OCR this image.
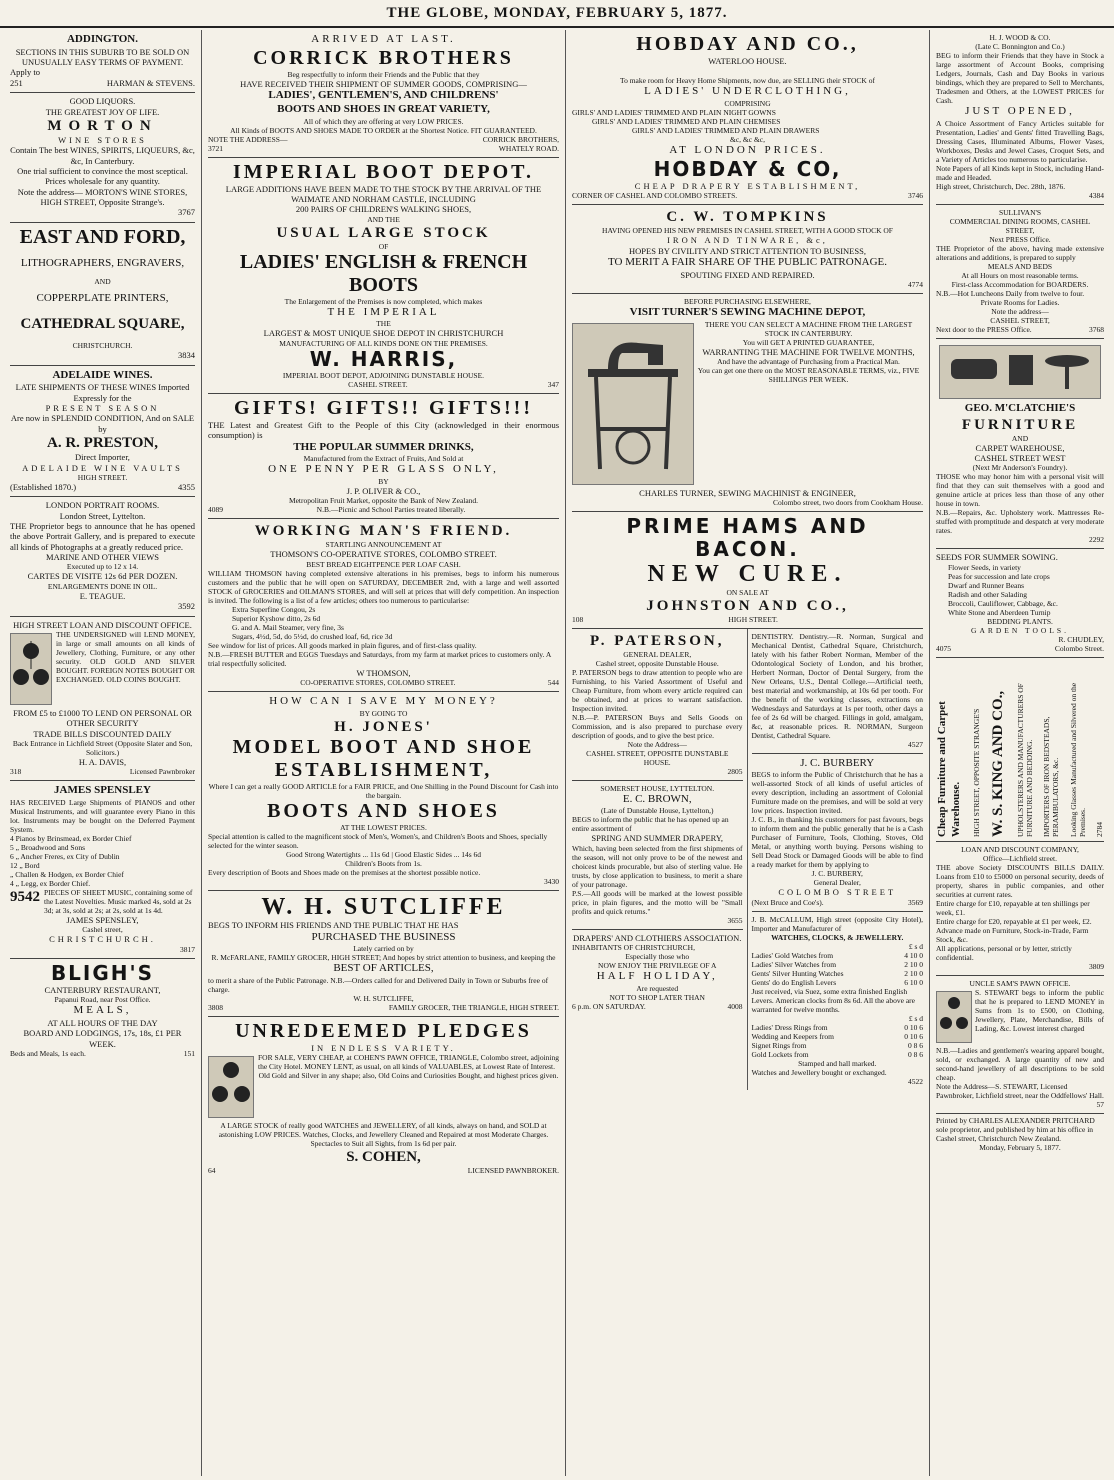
THE GLOBE, MONDAY, FEBRUARY 5, 1877.
ADDINGTON.
SECTIONS IN THIS SUBURB TO BE SOLD ON UNUSUALLY EASY TERMS OF PAYMENT.
Apply to
251	HARMAN & STEVENS.
GOOD LIQUORS.
THE GREATEST JOY OF LIFE.
MORTON
WINE STORES
Contain The best WINES, SPIRITS, LIQUEURS, &c, &c, In Canterbury.
One trial sufficient to convince the most sceptical. Prices wholesale for any quantity.
Note the address— MORTON'S WINE STORES, HIGH STREET, Opposite Strange's.
3767
EAST AND FORD,
LITHOGRAPHERS, ENGRAVERS,
AND
COPPERPLATE PRINTERS,
CATHEDRAL SQUARE,
CHRISTCHURCH.
3834
ADELAIDE WINES.
LATE SHIPMENTS OF THESE WINES Imported Expressly for the
PRESENT SEASON
Are now in SPLENDID CONDITION, And on SALE by
A. R. PRESTON,
Direct Importer,
ADELAIDE WINE VAULTS
HIGH STREET.
(Established 1870.)	4355
LONDON PORTRAIT ROOMS.
London Street, Lyttelton.
THE Proprietor begs to announce that he has opened the above Portrait Gallery, and is prepared to execute all kinds of Photographs at a greatly reduced price.
MARINE AND OTHER VIEWS
Executed up to 12 x 14.
CARTES DE VISITE 12s 6d PER DOZEN.
ENLARGEMENTS DONE IN OIL.
E. TEAGUE.
3592
HIGH STREET LOAN AND DISCOUNT OFFICE.
THE UNDERSIGNED will LEND MONEY, in large or small amounts on all kinds of Jewellery, Clothing, Furniture, or any other security. OLD GOLD AND SILVER BOUGHT. FOREIGN NOTES BOUGHT OR EXCHANGED. OLD COINS BOUGHT.
FROM £5 to £1000 TO LEND ON PERSONAL OR OTHER SECURITY
TRADE BILLS DISCOUNTED DAILY
Back Entrance in Lichfield Street (Opposite Slater and Son, Solicitors.)
H. A. DAVIS,
318	Licensed Pawnbroker
JAMES SPENSLEY
HAS RECEIVED Large Shipments of PIANOS and other Musical Instruments, and will guarantee every Piano in this lot. Instruments may be bought on the Deferred Payment System.
4 Pianos by Brinsmead, ex Border Chief
5 „ Broadwood and Sons
6 „ Ancher Freres, ex City of Dublin
12 „ Bord
„ Challen & Hodgen, ex Border Chief
4 „ Legg, ex Border Chief.
9542 PIECES OF SHEET MUSIC, containing some of the Latest Novelties. Music marked 4s, sold at 2s 3d; at 3s, sold at 2s; at 2s, sold at 1s 4d.
JAMES SPENSLEY,
Cashel street,
CHRISTCHURCH.
3817
BLIGH'S
CANTERBURY RESTAURANT,
Papanui Road, near Post Office.
MEALS,
AT ALL HOURS OF THE DAY
BOARD AND LODGINGS, 17s, 18s, £1 PER WEEK.
Beds and Meals, 1s each.	151
ARRIVED AT LAST.
CORRICK BROTHERS
Beg respectfully to inform their Friends and the Public that they
HAVE RECEIVED THEIR SHIPMENT OF SUMMER GOODS, COMPRISING—
LADIES', GENTLEMEN'S, AND CHILDRENS'
BOOTS AND SHOES IN GREAT VARIETY,
All of which they are offering at very LOW PRICES.
All Kinds of BOOTS AND SHOES MADE TO ORDER at the Shortest Notice. FIT GUARANTEED.
NOTE THE ADDRESS—	CORRICK BROTHERS,
3721	WHATELY ROAD.
IMPERIAL BOOT DEPOT.
LARGE ADDITIONS HAVE BEEN MADE TO THE STOCK BY THE ARRIVAL OF THE WAIMATE AND NORHAM CASTLE, INCLUDING
200 PAIRS OF CHILDREN'S WALKING SHOES,
AND THE
USUAL LARGE STOCK
OF
LADIES' ENGLISH & FRENCH BOOTS
The Enlargement of the Premises is now completed, which makes
THE IMPERIAL
THE
LARGEST & MOST UNIQUE SHOE DEPOT IN CHRISTCHURCH
MANUFACTURING OF ALL KINDS DONE ON THE PREMISES.
W. HARRIS,
IMPERIAL BOOT DEPOT, ADJOINING DUNSTABLE HOUSE.
CASHEL STREET.	347
GIFTS! GIFTS!! GIFTS!!!
THE Latest and Greatest Gift to the People of this City (acknowledged in their enormous consumption) is
THE POPULAR SUMMER DRINKS,
Manufactured from the Extract of Fruits, And Sold at
ONE PENNY PER GLASS ONLY,
BY
J. P. OLIVER & CO.,
Metropolitan Fruit Market, opposite the Bank of New Zealand.
4089	N.B.—Picnic and School Parties treated liberally.
WORKING MAN'S FRIEND.
STARTLING ANNOUNCEMENT AT
THOMSON'S CO-OPERATIVE STORES, COLOMBO STREET.
BEST BREAD EIGHTPENCE PER LOAF CASH.
WILLIAM THOMSON having completed extensive alterations in his premises, begs to inform his numerous customers and the public that he will open on SATURDAY, DECEMBER 2nd, with a large and well assorted STOCK of GROCERIES and OILMAN'S STORES, and will sell at prices that will defy competition. An inspection is invited. The following is a list of a few articles; others too numerous to particularise:
Extra Superfine Congou, 2s
Superior Kyshow ditto, 2s 6d
G. and A. Mail Steamer, very fine, 3s
Sugars, 4½d, 5d, do 5½d, do crushed loaf, 6d, rice 3d
See window for list of prices. All goods marked in plain figures, and of first-class quality.
N.B.—FRESH BUTTER and EGGS Tuesdays and Saturdays, from my farm at market prices to customers only. A trial respectfully solicited.
W THOMSON,
CO-OPERATIVE STORES, COLOMBO STREET.	544
HOW CAN I SAVE MY MONEY?
BY GOING TO
H. JONES'
MODEL BOOT AND SHOE ESTABLISHMENT,
Where I can get a really GOOD ARTICLE for a FAIR PRICE, and One Shilling in the Pound Discount for Cash into the bargain.
BOOTS AND SHOES
AT THE LOWEST PRICES.
Special attention is called to the magnificent stock of Men's, Women's, and Children's Boots and Shoes, specially selected for the winter season.
Good Strong Watertights ... 11s 6d | Good Elastic Sides ... 14s 6d
Children's Boots from 1s.
Every description of Boots and Shoes made on the premises at the shortest possible notice.
3430
W. H. SUTCLIFFE
BEGS TO INFORM HIS FRIENDS AND THE PUBLIC THAT HE HAS
PURCHASED THE BUSINESS
Lately carried on by
R. McFARLANE, FAMILY GROCER, HIGH STREET; And hopes by strict attention to business, and keeping the
BEST OF ARTICLES,
to merit a share of the Public Patronage. N.B.—Orders called for and Delivered Daily in Town or Suburbs free of charge.
W. H. SUTCLIFFE,
3808	FAMILY GROCER, THE TRIANGLE, HIGH STREET.
UNREDEEMED PLEDGES
IN ENDLESS VARIETY.
FOR SALE, VERY CHEAP, at COHEN'S PAWN OFFICE, TRIANGLE, Colombo street, adjoining the City Hotel. MONEY LENT, as usual, on all kinds of VALUABLES, at Lowest Rate of Interest.
Old Gold and Silver in any shape; also, Old Coins and Curiosities Bought, and highest prices given.
A LARGE STOCK of really good WATCHES and JEWELLERY, of all kinds, always on hand, and SOLD at astonishing LOW PRICES. Watches, Clocks, and Jewellery Cleaned and Repaired at most Moderate Charges. Spectacles to Suit all Sights, from 1s 6d per pair.
S. COHEN,
64	LICENSED PAWNBROKER.
HOBDAY AND CO.,
WATERLOO HOUSE.
To make room for Heavy Home Shipments, now due, are SELLING their STOCK of
LADIES' UNDERCLOTHING,
COMPRISING
GIRLS' AND LADIES' TRIMMED AND PLAIN NIGHT GOWNS
GIRLS' AND LADIES' TRIMMED AND PLAIN CHEMISES
GIRLS' AND LADIES' TRIMMED AND PLAIN DRAWERS
&c, &c &c,
AT LONDON PRICES.
HOBDAY & CO,
CHEAP DRAPERY ESTABLISHMENT,
CORNER OF CASHEL AND COLOMBO STREETS.	3746
C. W. TOMPKINS
HAVING OPENED HIS NEW PREMISES IN CASHEL STREET, WITH A GOOD STOCK OF
IRON AND TINWARE, &c,
HOPES BY CIVILITY AND STRICT ATTENTION TO BUSINESS,
TO MERIT A FAIR SHARE OF THE PUBLIC PATRONAGE.
SPOUTING FIXED AND REPAIRED.
4774
BEFORE PURCHASING ELSEWHERE,
VISIT TURNER'S SEWING MACHINE DEPOT,
THERE YOU CAN SELECT A MACHINE FROM THE LARGEST STOCK IN CANTERBURY.
You will GET A PRINTED GUARANTEE,
WARRANTING THE MACHINE FOR TWELVE MONTHS,
And have the advantage of Purchasing from a Practical Man.
You can get one there on the MOST REASONABLE TERMS, viz., FIVE SHILLINGS PER WEEK.
CHARLES TURNER, SEWING MACHINIST & ENGINEER,
Colombo street, two doors from Cookham House.
PRIME HAMS AND BACON.
NEW CURE.
ON SALE AT
JOHNSTON AND CO.,
108	HIGH STREET.
P. PATERSON,
GENERAL DEALER,
Cashel street, opposite Dunstable House.
P. PATERSON begs to draw attention to people who are Furnishing, to his Varied Assortment of Useful and Cheap Furniture, from whom every article required can be obtained, and at prices to warrant satisfaction. Inspection invited.
N.B.—P. PATERSON Buys and Sells Goods on Commission, and is also prepared to purchase every description of goods, and to give the best price.
Note the Address—
CASHEL STREET, OPPOSITE DUNSTABLE HOUSE.
2805
SOMERSET HOUSE, LYTTELTON.
E. C. BROWN,
(Late of Dunstable House, Lyttelton,)
BEGS to inform the public that he has opened up an entire assortment of
SPRING AND SUMMER DRAPERY,
Which, having been selected from the first shipments of the season, will not only prove to be of the newest and choicest kinds procurable, but also of sterling value. He trusts, by close application to business, to merit a share of your patronage.
P.S.—All goods will be marked at the lowest possible price, in plain figures, and the motto will be "Small profits and quick returns."
3655
DRAPERS' AND CLOTHIERS ASSOCIATION.
INHABITANTS OF CHRISTCHURCH,
Especially those who
NOW ENJOY THE PRIVILEGE OF A
HALF HOLIDAY,
Are requested
NOT TO SHOP LATER THAN
6 p.m. ON SATURDAY.	4008
DENTISTRY. Dentistry.—R. Norman, Surgical and Mechanical Dentist, Cathedral Square, Christchurch, lately with his father Robert Norman, Member of the Odontological Society of London, and his brother, Herbert Norman, Doctor of Dental Surgery, from the New Orleans, U.S., Dental College.—Artificial teeth, best material and workmanship, at 10s 6d per tooth. For the benefit of the working classes, extractions on Wednesdays and Saturdays at 1s per tooth, other days a fee of 2s 6d will be charged. Fillings in gold, amalgam, &c, at reasonable prices. R. NORMAN, Surgeon Dentist, Cathedral Square.
4527
J. C. BURBERY
BEGS to inform the Public of Christchurch that he has a well-assorted Stock of all kinds of useful articles of every description, including an assortment of Colonial Furniture made on the premises, and will be sold at very low prices. Inspection invited.
J. C. B., in thanking his customers for past favours, begs to inform them and the public generally that he is a Cash Purchaser of Furniture, Tools, Clothing, Stoves, Old Metal, or anything worth buying. Persons wishing to Sell Dead Stock or Damaged Goods will be able to find a ready market for them by applying to
J. C. BURBERY,
General Dealer,
COLOMBO STREET
(Next Bruce and Coe's).	3569
J. B. McCALLUM, High street (opposite City Hotel), Importer and Manufacturer of
WATCHES, CLOCKS, & JEWELLERY.
£ s d
Ladies' Gold Watches from	4 10 0
Ladies' Silver Watches from	2 10 0
Gents' Silver Hunting Watches	2 10 0
Gents' do do English Levers	6 10 0
Just received, via Suez, some extra finished English Levers. American clocks from 8s 6d. All the above are warranted for twelve months.
£ s d
Ladies' Dress Rings from	0 10 6
Wedding and Keepers from	0 10 6
Signet Rings from	0 8 6
Gold Lockets from	0 8 6
Stamped and hall marked.
Watches and Jewellery bought or exchanged.
4522
H. J. WOOD & CO.
(Late C. Bonnington and Co.)
BEG to inform their Friends that they have in Stock a large assortment of Account Books, comprising Ledgers, Journals, Cash and Day Books in various bindings, which they are prepared to Sell to Merchants, Tradesmen and Others, at the LOWEST PRICES for Cash.
JUST OPENED,
A Choice Assortment of Fancy Articles suitable for Presentation, Ladies' and Gents' fitted Travelling Bags, Dressing Cases, Illuminated Albums, Flower Vases, Workboxes, Desks and Jewel Cases, Croquet Sets, and a Variety of Articles too numerous to particularise.
Note Papers of all Kinds kept in Stock, including Hand-made and Headed.
High street, Christchurch, Dec. 28th, 1876.
4384
SULLIVAN'S
COMMERCIAL DINING ROOMS, CASHEL STREET,
Next PRESS Office.
THE Proprietor of the above, having made extensive alterations and additions, is prepared to supply
MEALS AND BEDS
At all Hours on most reasonable terms.
First-class Accommodation for BOARDERS.
N.B.—Hot Luncheons Daily from twelve to four.
Private Rooms for Ladies.
Note the address—
CASHEL STREET,
Next door to the PRESS Office.	3768
GEO. M'CLATCHIE'S
FURNITURE
AND
CARPET WAREHOUSE,
CASHEL STREET WEST
(Next Mr Anderson's Foundry).
THOSE who may honor him with a personal visit will find that they can suit themselves with a good and genuine article at prices less than those of any other house in town.
N.B.—Repairs, &c. Upholstery work. Mattresses Re-stuffed with promptitude and despatch at very moderate rates.
2292
SEEDS FOR SUMMER SOWING.
Flower Seeds, in variety
Peas for succession and late crops
Dwarf and Runner Beans
Radish and other Salading
Broccoli, Cauliflower, Cabbage, &c.
White Stone and Aberdeen Turnip
BEDDING PLANTS.
GARDEN TOOLS.
R. CHUDLEY,
4075	Colombo Street.
Cheap Furniture and Carpet Warehouse. HIGH STREET, OPPOSITE STRANGE'S W. S. KING AND CO., UPHOLSTERERS AND MANUFACTURERS OF FURNITURE AND BEDDING. IMPORTERS OF IRON BEDSTEADS, PERAMBULATORS, &c. Looking Glasses Manufactured and Silvered on the Premises. 2784
LOAN AND DISCOUNT COMPANY,
Office—Lichfield street.
THE above Society DISCOUNTS BILLS DAILY. Loans from £10 to £5000 on personal security, deeds of property, shares in public companies, and other securities at current rates.
Entire charge for £10, repayable at ten shillings per week, £1.
Entire charge for £20, repayable at £1 per week, £2.
Advance made on Furniture, Stock-in-Trade, Farm Stock, &c.
All applications, personal or by letter, strictly confidential.
3809
UNCLE SAM'S PAWN OFFICE.
S. STEWART begs to inform the public that he is prepared to LEND MONEY in Sums from 1s to £500, on Clothing, Jewellery, Plate, Merchandise, Bills of Lading, &c. Lowest interest charged
N.B.—Ladies and gentlemen's wearing apparel bought, sold, or exchanged. A large quantity of new and second-hand jewellery of all descriptions to be sold cheap.
Note the Address—S. STEWART, Licensed Pawnbroker, Lichfield street, near the Oddfellows' Hall.
57
Printed by CHARLES ALEXANDER PRITCHARD sole proprietor, and published by him at his office in Cashel street, Christchurch New Zealand.
Monday, February 5, 1877.
